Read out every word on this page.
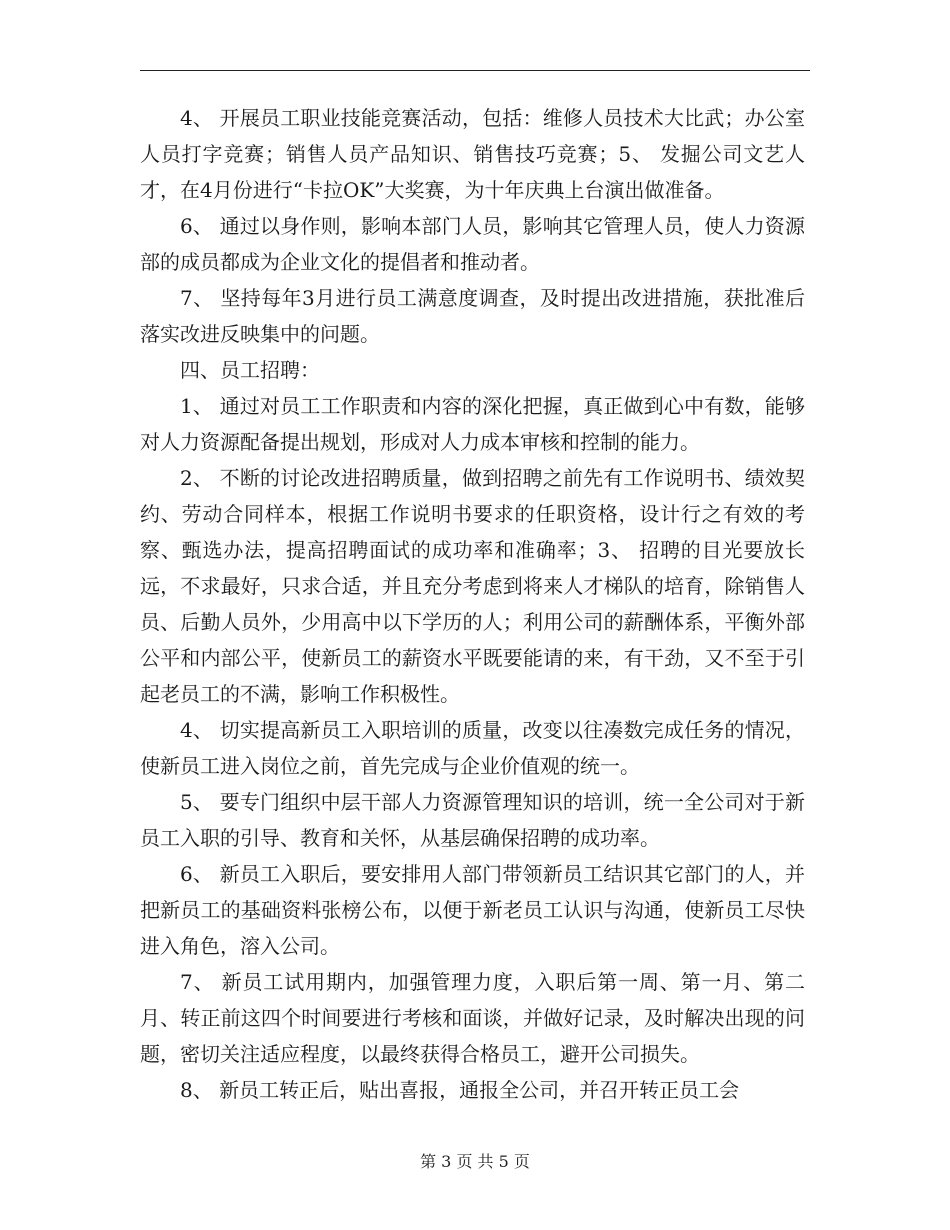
4、 开展员工职业技能竞赛活动，包括：维修人员技术大比武；办公室人员打字竞赛；销售人员产品知识、销售技巧竞赛；5、 发掘公司文艺人才，在4月份进行“卡拉OK”大奖赛，为十年庆典上台演出做准备。

6、 通过以身作则，影响本部门人员，影响其它管理人员，使人力资源部的成员都成为企业文化的提倡者和推动者。

7、 坚持每年3月进行员工满意度调查，及时提出改进措施，获批准后落实改进反映集中的问题。

四、员工招聘：

1、 通过对员工工作职责和内容的深化把握，真正做到心中有数，能够对人力资源配备提出规划，形成对人力成本审核和控制的能力。

2、 不断的讨论改进招聘质量，做到招聘之前先有工作说明书、绩效契约、劳动合同样本，根据工作说明书要求的任职资格，设计行之有效的考察、甄选办法，提高招聘面试的成功率和准确率；3、 招聘的目光要放长远，不求最好，只求合适，并且充分考虑到将来人才梯队的培育，除销售人员、后勤人员外，少用高中以下学历的人；利用公司的薪酬体系，平衡外部公平和内部公平，使新员工的薪资水平既要能请的来，有干劲，又不至于引起老员工的不满，影响工作积极性。

4、 切实提高新员工入职培训的质量，改变以往凑数完成任务的情况，使新员工进入岗位之前，首先完成与企业价值观的统一。

5、 要专门组织中层干部人力资源管理知识的培训，统一全公司对于新员工入职的引导、教育和关怀，从基层确保招聘的成功率。

6、 新员工入职后，要安排用人部门带领新员工结识其它部门的人，并把新员工的基础资料张榜公布，以便于新老员工认识与沟通，使新员工尽快进入角色，溶入公司。

7、 新员工试用期内，加强管理力度，入职后第一周、第一月、第二月、转正前这四个时间要进行考核和面谈，并做好记录，及时解决出现的问题，密切关注适应程度，以最终获得合格员工，避开公司损失。

8、 新员工转正后，贴出喜报，通报全公司，并召开转正员工会

第 3 页 共 5 页
